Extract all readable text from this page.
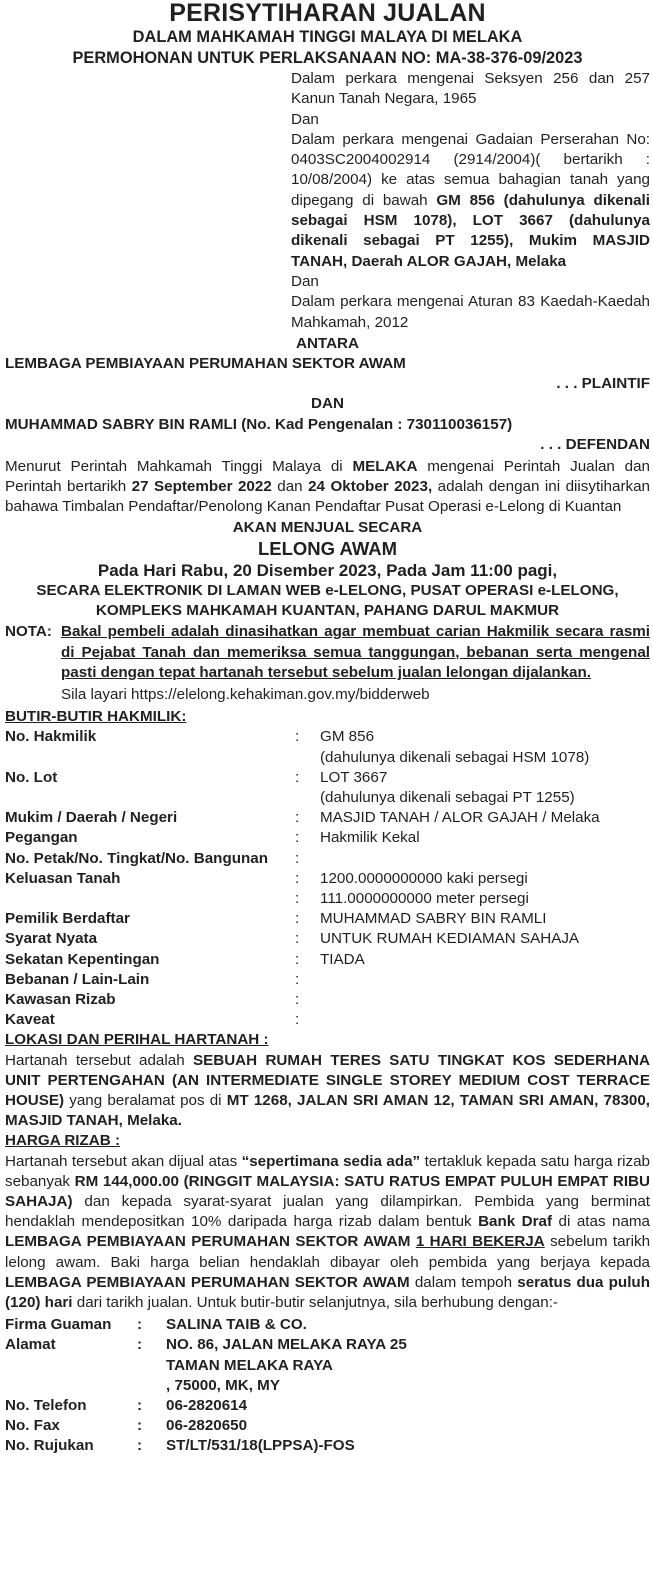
PERISYTIHARAN JUALAN
DALAM MAHKAMAH TINGGI MALAYA DI MELAKA
PERMOHONAN UNTUK PERLAKSANAAN NO: MA-38-376-09/2023
Dalam perkara mengenai Seksyen 256 dan 257 Kanun Tanah Negara, 1965
Dan
Dalam perkara mengenai Gadaian Perserahan No: 0403SC2004002914 (2914/2004)( bertarikh : 10/08/2004) ke atas semua bahagian tanah yang dipegang di bawah GM 856 (dahulunya dikenali sebagai HSM 1078), LOT 3667 (dahulunya dikenali sebagai PT 1255), Mukim MASJID TANAH, Daerah ALOR GAJAH, Melaka
Dan
Dalam perkara mengenai Aturan 83 Kaedah-Kaedah Mahkamah, 2012
ANTARA
LEMBAGA PEMBIAYAAN PERUMAHAN SEKTOR AWAM
. . . PLAINTIF
DAN
MUHAMMAD SABRY BIN RAMLI (No. Kad Pengenalan : 730110036157)
. . . DEFENDAN
Menurut Perintah Mahkamah Tinggi Malaya di MELAKA mengenai Perintah Jualan dan Perintah bertarikh 27 September 2022 dan 24 Oktober 2023, adalah dengan ini diisytiharkan bahawa Timbalan Pendaftar/Penolong Kanan Pendaftar Pusat Operasi e-Lelong di Kuantan
AKAN MENJUAL SECARA
LELONG AWAM
Pada Hari Rabu, 20 Disember 2023, Pada Jam 11:00 pagi,
SECARA ELEKTRONIK DI LAMAN WEB e-LELONG, PUSAT OPERASI e-LELONG,
KOMPLEKS MAHKAMAH KUANTAN, PAHANG DARUL MAKMUR
NOTA: Bakal pembeli adalah dinasihatkan agar membuat carian Hakmilik secara rasmi di Pejabat Tanah dan memeriksa semua tanggungan, bebanan serta mengenal pasti dengan tepat hartanah tersebut sebelum jualan lelongan dijalankan.
Sila layari https://elelong.kehakiman.gov.my/bidderweb
BUTIR-BUTIR HAKMILIK:
No. Hakmilik	:	GM 856
(dahulunya dikenali sebagai HSM 1078)
No. Lot	:	LOT 3667
(dahulunya dikenali sebagai PT 1255)
Mukim / Daerah / Negeri	:	MASJID TANAH / ALOR GAJAH / Melaka
Pegangan	:	Hakmilik Kekal
No. Petak/No. Tingkat/No. Bangunan	:
Keluasan Tanah	:	1200.0000000000 kaki persegi
:	111.0000000000 meter persegi
Pemilik Berdaftar	:	MUHAMMAD SABRY BIN RAMLI
Syarat Nyata	:	UNTUK RUMAH KEDIAMAN SAHAJA
Sekatan Kepentingan	:	TIADA
Bebanan / Lain-Lain	:
Kawasan Rizab	:
Kaveat	:
LOKASI DAN PERIHAL HARTANAH :
Hartanah tersebut adalah SEBUAH RUMAH TERES SATU TINGKAT KOS SEDERHANA UNIT PERTENGAHAN (AN INTERMEDIATE SINGLE STOREY MEDIUM COST TERRACE HOUSE) yang beralamat pos di MT 1268, JALAN SRI AMAN 12, TAMAN SRI AMAN, 78300, MASJID TANAH, Melaka.
HARGA RIZAB :
Hartanah tersebut akan dijual atas “sepertimana sedia ada” tertakluk kepada satu harga rizab sebanyak RM 144,000.00 (RINGGIT MALAYSIA: SATU RATUS EMPAT PULUH EMPAT RIBU SAHAJA) dan kepada syarat-syarat jualan yang dilampirkan. Pembida yang berminat hendaklah mendepositkan 10% daripada harga rizab dalam bentuk Bank Draf di atas nama LEMBAGA PEMBIAYAAN PERUMAHAN SEKTOR AWAM 1 HARI BEKERJA sebelum tarikh lelong awam. Baki harga belian hendaklah dibayar oleh pembida yang berjaya kepada LEMBAGA PEMBIAYAAN PERUMAHAN SEKTOR AWAM dalam tempoh seratus dua puluh (120) hari dari tarikh jualan. Untuk butir-butir selanjutnya, sila berhubung dengan:-
Firma Guaman	:	SALINA TAIB & CO.
Alamat	:	NO. 86, JALAN MELAKA RAYA 25
TAMAN MELAKA RAYA
, 75000, MK, MY
No. Telefon	:	06-2820614
No. Fax	:	06-2820650
No. Rujukan	:	ST/LT/531/18(LPPSA)-FOS
